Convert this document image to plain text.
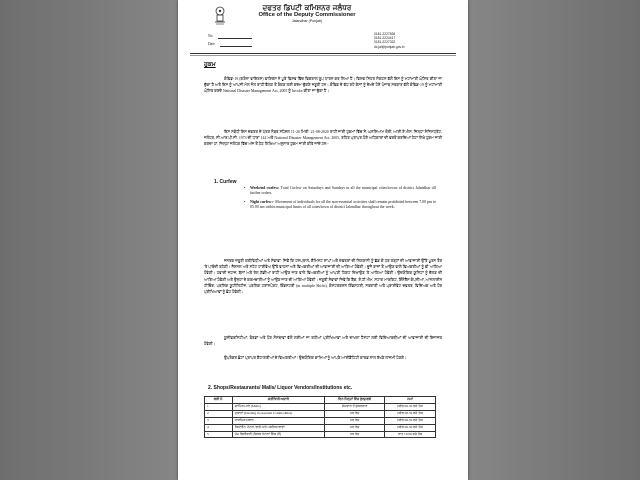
ਦਫਤਰ ਡਿਪਟੀ ਕਮਿਸ਼ਨਰ ਜਲੰਧਰ
Office of the Deputy Commissioner
Jalandhar (Punjab)
No.
Date
0181-2227826
0181-2224417
0181-2227322
dc.jal@punjab.gov.in
ਹੁਕਮ
ਕੋਵਿਡ-19 (ਕਰੋਨਾ ਵਾਇਰਸ) ਵਾਇਰਸ ਨੇ ਪੂਰੇ ਵਿਸ਼ਵ ਵਿੱਚ ਵਿਕਰਾਲ ਰੂਪ ਧਾਰਨ ਕਰ ਲਿਆ ਹੈ। ਵਿਸ਼ਵ ਸਿਹਤ ਸੰਗਠਨ ਵੱਲੋਂ ਇਸ ਨੂੰ ਮਹਾਂਮਾਰੀ ਘੋਸ਼ਿਤ ਕੀਤਾ ਜਾ ਚੁੱਕਾ ਹੈ ਅਤੇ ਇਸ ਨੂੰ ਆਪਸੀ ਮੇਲ ਜੋਲ ਰਾਹੀਂ ਫੈਲਣ ਤੋਂ ਰੋਕਣ ਲਈ ਕਦਮ ਚੁੱਕਣੇ ਜ਼ਰੂਰੀ ਹਨ। ਕੋਵਿਡ ਦੇ ਵੱਧ ਰਹੇ ਕੇਸਾਂ ਨੂੰ ਦੇਖਦੇ ਹੋਏ ਪੰਜਾਬ ਸਰਕਾਰ ਵੱਲੋਂ ਕੋਵਿਡ-19 ਨੂੰ ਮਹਾਂਮਾਰੀ ਘੋਸ਼ਿਤ ਕਰਦੇ National Disaster Management Act, 2005 ਨੂੰ Invoke ਕੀਤਾ ਜਾ ਚੁੱਕਾ ਹੈ।
ਇਸ ਸਬੰਧੀ ਇਸ ਦਫਤਰ ਦੇ ਪੱਤਰ ਨੰਬਰ ਸਪੈਸ਼ਲ 11-20 ਮਿਤੀ: 21-08-2020 ਰਾਹੀਂ ਜਾਰੀ ਹੁਕਮਾਂ ਵਿੱਚ ਮੈਂ, ਘਨਸ਼ਿਆਮ ਥੋਰੀ, ਆਈ.ਏ.ਐਸ, ਜ਼ਿਲ੍ਹਾ ਮੈਜਿਸਟ੍ਰੇਟ, ਜਲੰਧਰ, ਸੀ.ਆਰ.ਪੀ.ਸੀ. 1973 ਦੀ ਧਾਰਾ 144 ਅਤੇ National Disaster Management Act, 2005, ਤਹਿਤ ਪ੍ਰਾਪਤ ਹੋਏ ਅਧਿਕਾਰਾਂ ਦੀ ਵਰਤੋਂ ਕਰਦਿਆਂ ਹੇਠਾਂ ਲਿਖੇ ਹੁਕਮ ਜਾਰੀ ਕਰਦਾ ਹਾਂ, ਜ਼ਿਲ੍ਹਾ ਜਲੰਧਰ ਵਿੱਚ ਅੱਜ ਤੋਂ ਹੇਠ ਲਿਖਿਆ ਅਨੁਸਾਰ ਹੁਕਮ ਜਾਰੀ ਕੀਤੇ ਜਾਂਦੇ ਹਨ:-
1. Curfew
• Weekend curfew: Total Curfew on Saturdays and Sundays in all the municipal cities/towns of district Jalandhar till further orders.
• Night curfew:- Movement of individuals for all the non-essential activities shall remain prohibited between 7.00 pm to 05.00 am within municipal limits of all cities/town of district Jalandhar throughout the week.
ਜਨਤਕ ਜ਼ਰੂਰੀ ਗਤੀਵਿਧੀਆਂ ਅਤੇ ਸੇਵਾਵਾਂ, ਜਿਵੇਂ ਕਿ ਹਸਪਤਾਲ, ਕੈਮਿਸਟ ਸ਼ਾਪਾਂ ਅਤੇ ਦਫਤਰਾਂ ਦੀ ਨਿਗਰਾਨੀ ਨੂੰ ਛੱਡ ਕੇ ਹਰ ਤਰ੍ਹਾਂ ਦੀ ਆਵਾਜਾਈ ਉੱਤੇ ਪੂਰਨ ਤੌਰ 'ਤੇ ਪਾਬੰਦੀ ਰਹੇਗੀ। ਨੈਸ਼ਨਲ ਅਤੇ ਸਟੇਟ ਹਾਈਵੇਅ ਉੱਤੇ ਵਾਹਨਾਂ ਅਤੇ ਵਿਅਕਤੀਆਂ ਦੀ ਆਵਾਜਾਈ ਦੀ ਆਗਿਆ ਹੋਵੇਗੀ। ਦੂਜੇ ਰਾਜਾਂ ਤੋਂ ਆਉਣ ਵਾਲੇ ਵਿਅਕਤੀਆਂ ਨੂੰ ਵੀ ਆਗਿਆ ਹੋਵੇਗੀ। ਹਵਾਈ ਜਹਾਜ਼, ਬੱਸਾਂ ਅਤੇ ਰੇਲ ਗੱਡੀਆਂ ਰਾਹੀਂ ਆਉਣ ਜਾਣ ਵਾਲੇ ਵਿਅਕਤੀਆਂ ਨੂੰ ਆਪਣੀ ਟਿਕਟ ਦਿਖਾਉਣ 'ਤੇ ਆਗਿਆ ਹੋਵੇਗੀ। ਉਦਯੋਗਿਕ ਯੂਨਿਟਾਂ ਨੂੰ ਚੱਲਣ ਦੀ ਆਗਿਆ ਹੋਵੇਗੀ ਅਤੇ ਉਨ੍ਹਾਂ ਦੇ ਕਰਮਚਾਰੀਆਂ ਨੂੰ ਆਉਣ ਜਾਣ ਦੀ ਆਗਿਆ ਹੋਵੇਗੀ। ਜ਼ਰੂਰੀ ਸੇਵਾਵਾਂ ਜਿਵੇਂ ਕਿ ਬੈਂਕ, ਏ.ਟੀ.ਐਮ, ਸਟਾਕ ਮਾਰਕਿਟ, ਇੰਸ਼ੋਰੈਂਸ ਕੰਪਨੀਆਂ, ਆਨਲਾਈਨ ਟੀਚਿੰਗ, ਪਬਲਿਕ ਯੂਟੀਲਿਟੀਜ਼, ਪਬਲਿਕ ਟਰਾਂਸਪੋਰਟ, ਇੰਡਸਟਰੀ (in multiple Shifts), ਕੰਸਟਰਕਸ਼ਨ ਇੰਡਸਟਰੀ, ਸਰਕਾਰੀ ਅਤੇ ਪ੍ਰਾਈਵੇਟ ਦਫਤਰ, ਵਿਦਿਅਕ ਅਤੇ ਹੋਰ ਪ੍ਰੀਖਿਆਵਾਂ ਨੂੰ ਛੋਟ ਹੋਵੇਗੀ।
ਯੂਨੀਵਰਸਿਟੀਆਂ, ਬੋਰਡਾਂ ਅਤੇ ਹੋਰ ਸੰਸਥਾਵਾਂ ਵੱਲੋਂ ਲਈਆਂ ਜਾ ਰਹੀਆਂ ਪ੍ਰੀਖਿਆਵਾਂ ਅਤੇ ਦਾਖਲਾ ਟੈਸਟਾਂ ਲਈ ਵਿਦਿਆਰਥੀਆਂ ਦੀ ਆਵਾਜਾਈ ਦੀ ਇਜਾਜ਼ਤ ਹੋਵੇਗੀ।
ਉਪਰੋਕਤ ਛੋਟਾਂ ਪ੍ਰਾਪਤ ਕੈਟਾਗਰੀਆਂ ਦੇ ਵਿਅਕਤੀਆਂ / ਉਦਯੋਗਿਕ ਕਾਮਿਆਂ ਨੂੰ ਆਪਣੇ ਆਈਡੈਂਟਿਟੀ ਕਾਰਡ ਨਾਲ ਰੱਖਣੇ ਲਾਜ਼ਮੀ ਹੋਣਗੇ।
2. Shops/Restaurants/ Malls/ Liquor Vendors/Institutions etc.
ਲੜੀ ਨੰ.	ਗਤੀਵਿਧੀ/ਅਦਾਰੇ	ਦਿਨ ਜਿਨ੍ਹਾਂ ਵਿੱਚ ਖੁੱਲ੍ਹਣਗੇ	ਸਮਾਂ
1	ਸ਼ਾਪਿੰਗ ਮਾਲ (Malls)	ਸੋਮਵਾਰ ਤੋਂ ਸ਼ੁੱਕਰਵਾਰ	ਸਵੇਰ 06.30 ਵਜੇ ਤੱਕ
2	ਦੁਕਾਨਾਂ (Dealing in essential Commodities)	ਹਰ ਰੋਜ਼	ਸਵੇਰ 06.30 ਵਜੇ ਤੱਕ
3	ਧਾਰਮਿਕ ਸਥਾਨ	ਹਰ ਰੋਜ਼	ਸਵੇਰ 06.30 ਵਜੇ ਤੱਕ
4	ਰੈਸਟੋਰੈਂਟ, ਹੋਟਲ, ਢਾਬੇ ਅਤੇ ਪਬਲਿਕ ਥਾਵਾਂ	ਹਰ ਰੋਜ਼	ਸਵੇਰ 06.30 ਵਜੇ ਤੱਕ
5	ਹੋਮ ਡਿਲੀਵਰੀ (ਸਿਰਫ ਹੋਟਲਾਂ ਵਿੱਚ ਹੀ)	ਹਰ ਰੋਜ਼	ਰਾਤ 10.00 ਵਜੇ ਤੱਕ
